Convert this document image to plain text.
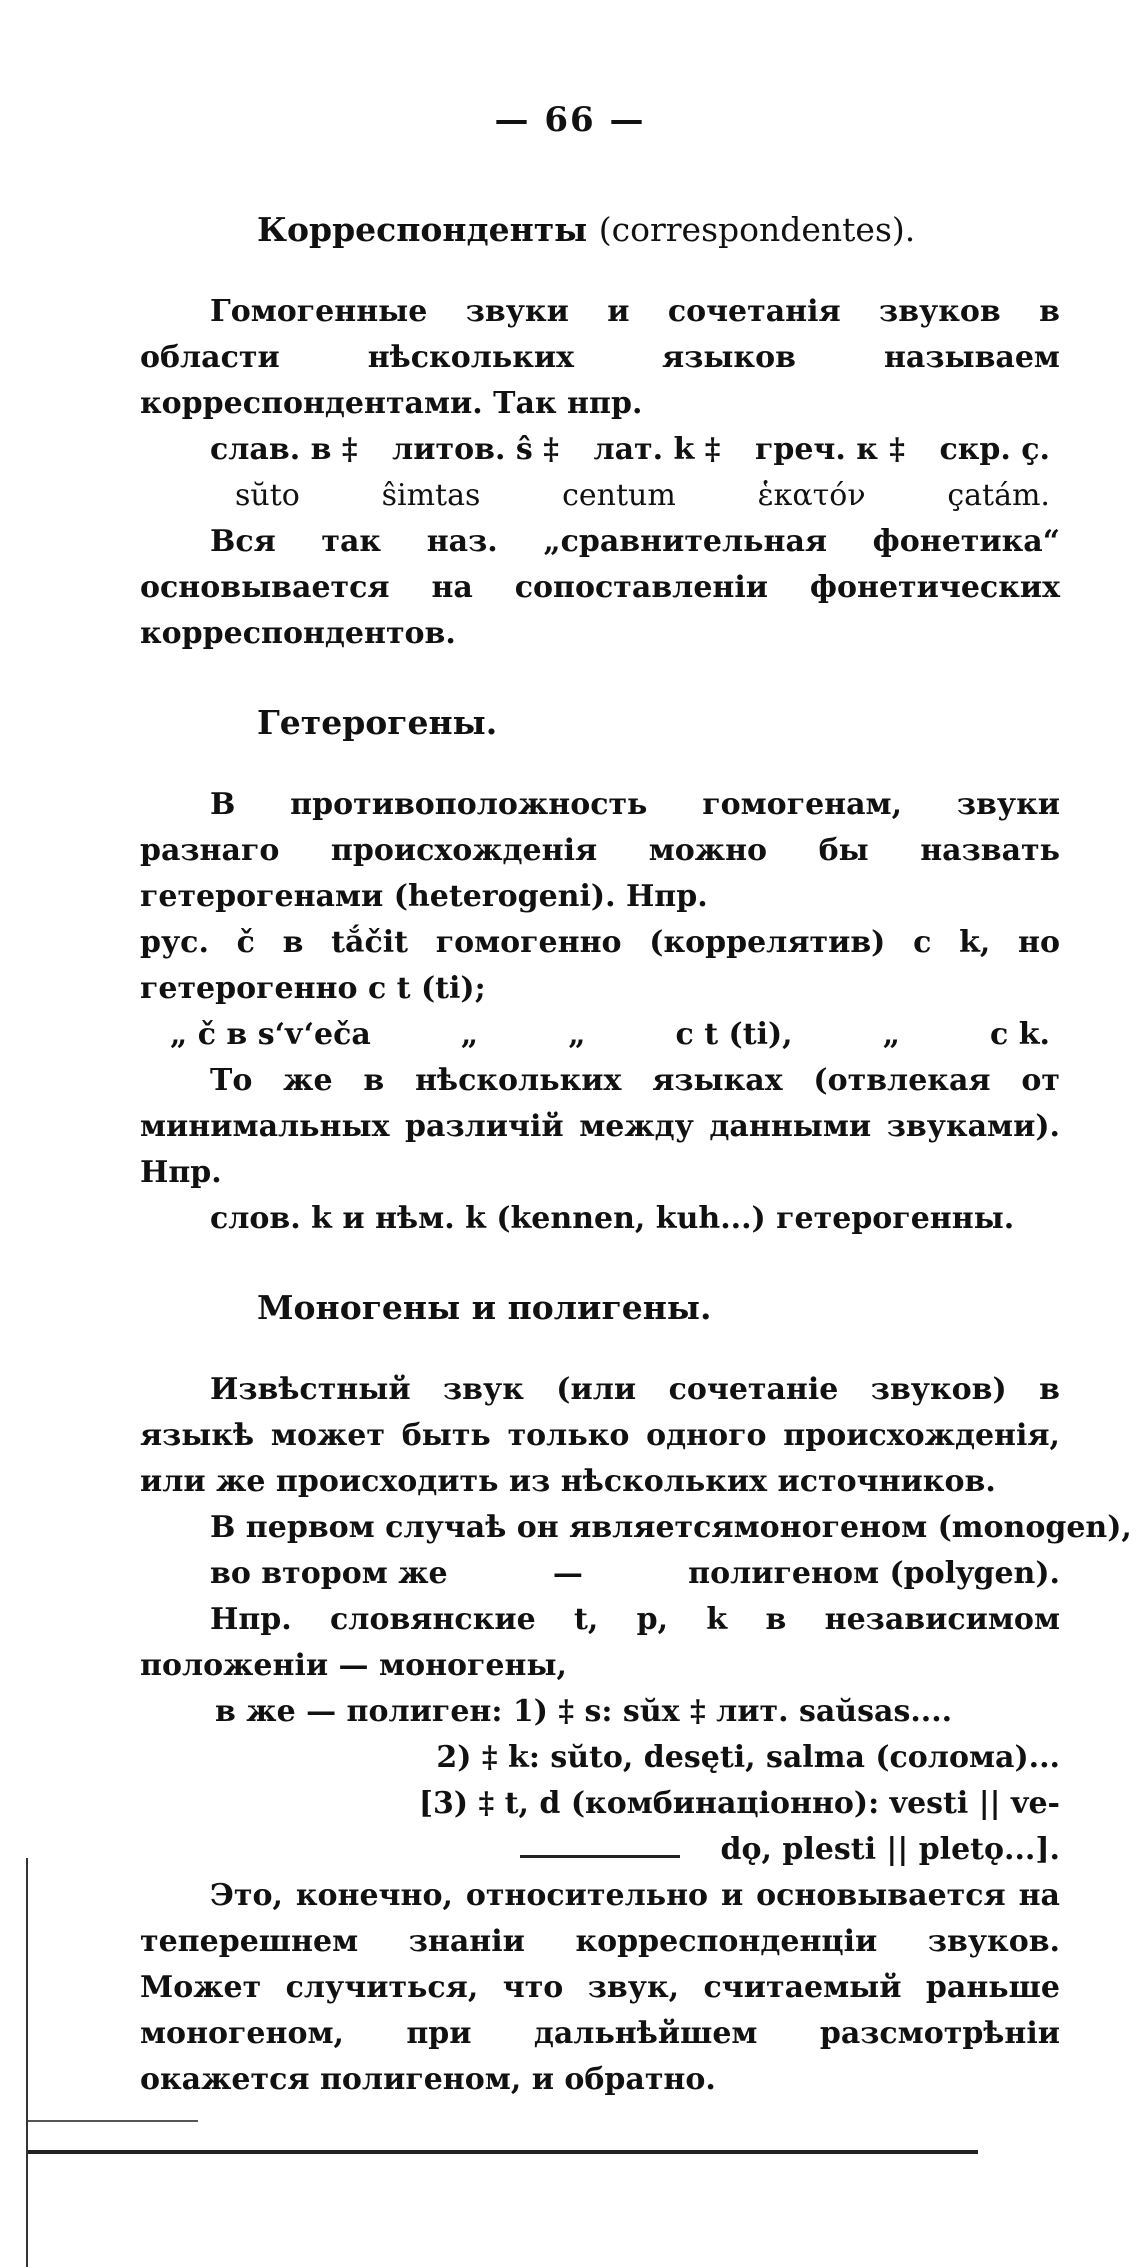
— 66 —
Корреспонденты (correspondentes).

Гомогенные звуки и сочетанія звуков в области нѣскольких языков называем корреспондентами. Так нпр.

слав. в ‡ литов. ŝ ‡ лат. k ‡ греч. κ ‡ скр. ç.
sŭto	ŝimtas	centum	ἑκατόν	çatám.

Вся так наз. „сравнительная фонетика“ основывается на сопоставленіи фонетических корреспондентов.

Гетерогены.

В противоположность гомогенам, звуки разнаго происхожденія можно бы назвать гетерогенами (heterogeni). Нпр.

рус. č в tắčit гомогенно (коррелятив) с k, но гетерогенно с t (ti);

„ č в s‘v‘eča	„	„	с t (ti),	„	с k.

То же в нѣскольких языках (отвлекая от минимальных различій между данными звуками). Нпр.

слов. k и нѣм. k (kennen, kuh...) гетерогенны.

Моногены и полигены.

Извѣстный звук (или сочетаніе звуков) в языкѣ может быть только одного происхожденія, или же происходить из нѣскольких источников.

В первом случаѣ он является моногеном (monogen),
во втором же	—	полигеном (polygen).

Нпр. словянские t, p, k в независимом положеніи — моногены,

в же — полиген: 1) ‡ s: sŭx ‡ лит. saŭsas....

2) ‡ k: sŭto, desęti, salma (солома)...
[3) ‡ t, d (комбинаціонно): vesti || ve-
dǫ, plesti || pletǫ...].

Это, конечно, относительно и основывается на теперешнем знаніи корреспонденціи звуков. Может случиться, что звук, считаемый раньше моногеном, при дальнѣйшем разсмотрѣніи окажется полигеном, и обратно.
